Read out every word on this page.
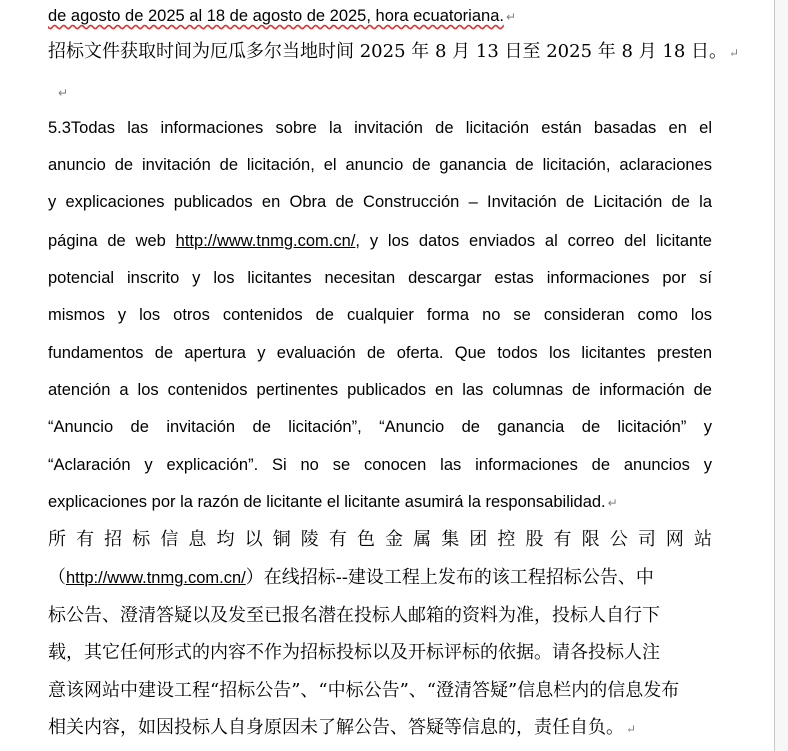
de agosto de 2025 al 18 de agosto de 2025, hora ecuatoriana. ↵
招标文件获取时间为厄瓜多尔当地时间 2025 年 8 月 13 日至 2025 年 8 月 18 日。 ↵
↵
5.3Todas las informaciones sobre la invitación de licitación están basadas en el
anuncio de invitación de licitación, el anuncio de ganancia de licitación, aclaraciones
y explicaciones publicados en Obra de Construcción – Invitación de Licitación de la
página de web http://www.tnmg.com.cn/, y los datos enviados al correo del licitante
potencial inscrito y los licitantes necesitan descargar estas informaciones por sí
mismos y los otros contenidos de cualquier forma no se consideran como los
fundamentos de apertura y evaluación de oferta. Que todos los licitantes presten
atención a los contenidos pertinentes publicados en las columnas de información de
“Anuncio de invitación de licitación”, “Anuncio de ganancia de licitación” y
“Aclaración y explicación”. Si no se conocen las informaciones de anuncios y
explicaciones por la razón de licitante el licitante asumirá la responsabilidad. ↵
所 有 招 标 信 息 均 以 铜 陵 有 色 金 属 集 团 控 股 有 限 公 司 网 站
（http://www.tnmg.com.cn/）在线招标--建设工程上发布的该工程招标公告、中
标公告、澄清答疑以及发至已报名潜在投标人邮箱的资料为准，投标人自行下
载，其它任何形式的内容不作为招标投标以及开标评标的依据。请各投标人注
意该网站中建设工程“招标公告”、“中标公告”、“澄清答疑”信息栏内的信息发布
相关内容，如因投标人自身原因未了解公告、答疑等信息的，责任自负。 ↵
